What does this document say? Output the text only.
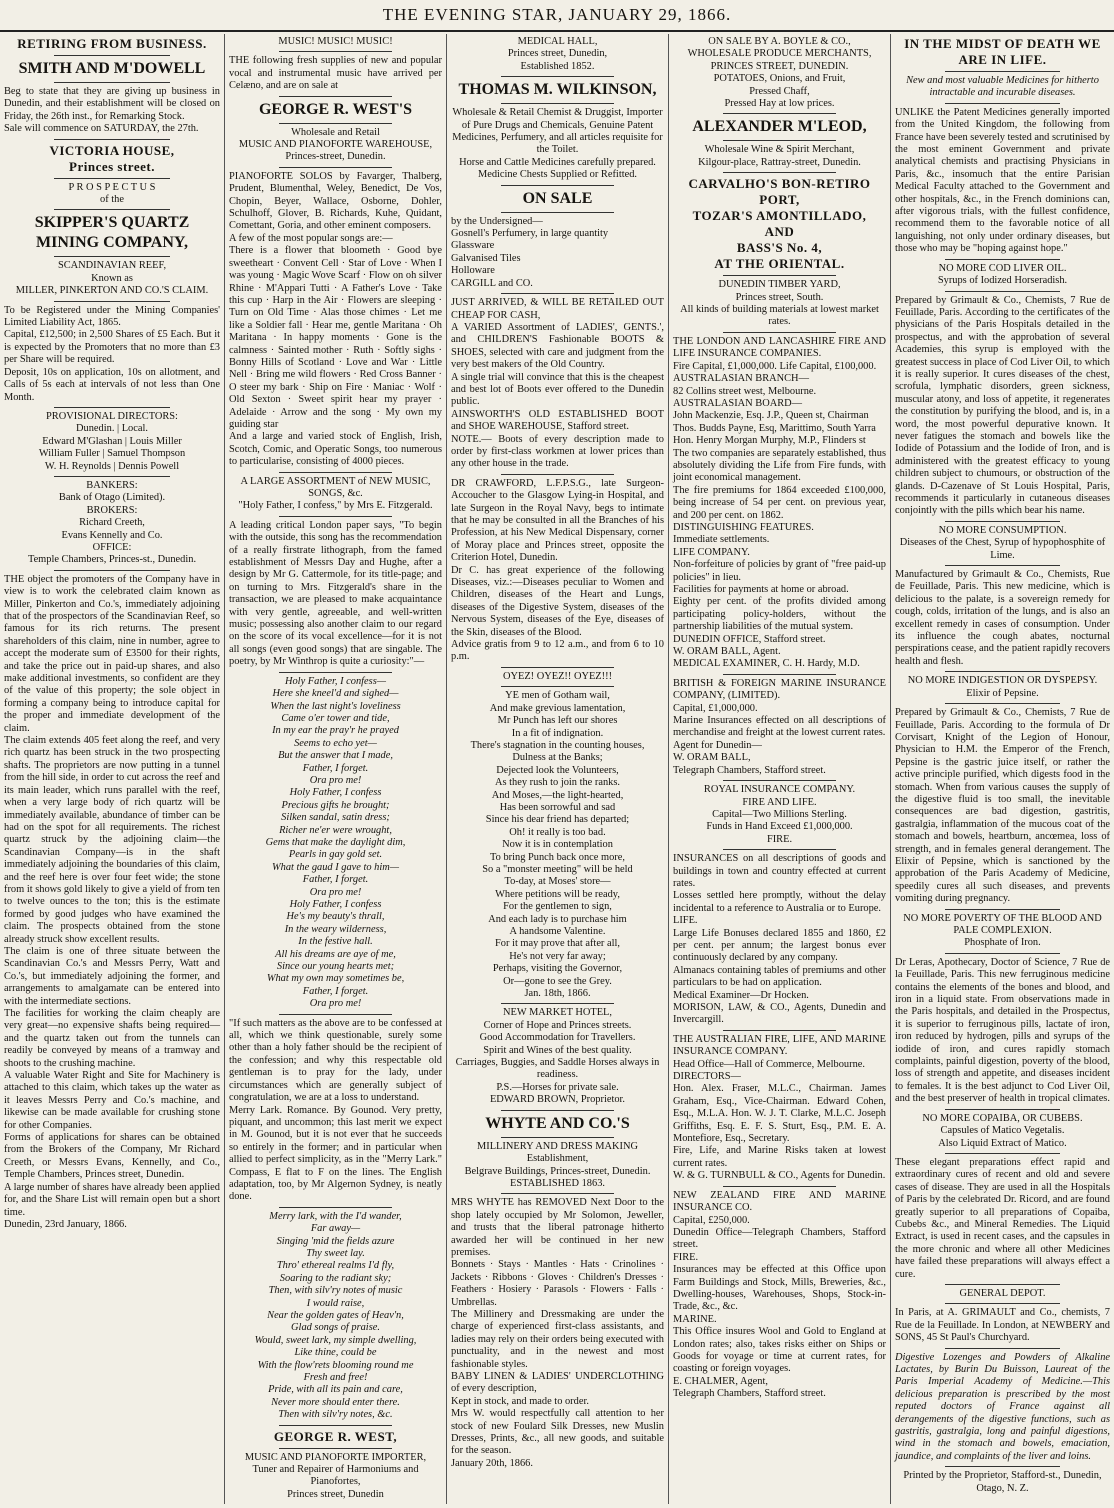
THE EVENING STAR, JANUARY 29, 1866.
RETIRING FROM BUSINESS.
SMITH AND M'DOWELL
Beg to state that they are giving up business in Dunedin, and their establishment will be closed on Friday, the 26th inst., for Remarking Stock.
Sale will commence on SATURDAY, the 27th.
VICTORIA HOUSE,
Princes street.
P R O S P E C T U S
of the
SKIPPER'S QUARTZ MINING COMPANY,
SCANDINAVIAN REEF,
Known as
MILLER, PINKERTON AND CO.'S CLAIM.
To be Registered under the Mining Companies' Limited Liability Act, 1865.
Capital, £12,500; in 2,500 Shares of £5 Each. But it is expected by the Promoters that no more than £3 per Share will be required.
Deposit, 10s on application, 10s on allotment, and Calls of 5s each at intervals of not less than One Month.
PROVISIONAL DIRECTORS:
Dunedin. | Local.
Edward M'Glashan | Louis Miller
William Fuller | Samuel Thompson
W. H. Reynolds | Dennis Powell
BANKERS:
Bank of Otago (Limited).
BROKERS:
Richard Creeth,
Evans Kennelly and Co.
OFFICE:
Temple Chambers, Princes-st., Dunedin.
THE object the promoters of the Company have in view is to work the celebrated claim known as Miller, Pinkerton and Co.'s, immediately adjoining that of the prospectors of the Scandinavian Reef, so famous for its rich returns. The present shareholders of this claim, nine in number, agree to accept the moderate sum of £3500 for their rights, and take the price out in paid-up shares, and also make additional investments, so confident are they of the value of this property; the sole object in forming a company being to introduce capital for the proper and immediate development of the claim.
The claim extends 405 feet along the reef, and very rich quartz has been struck in the two prospecting shafts. The proprietors are now putting in a tunnel from the hill side, in order to cut across the reef and its main leader, which runs parallel with the reef, when a very large body of rich quartz will be immediately available, abundance of timber can be had on the spot for all requirements. The richest quartz struck by the adjoining claim—the Scandinavian Company—is in the shaft immediately adjoining the boundaries of this claim, and the reef here is over four feet wide; the stone from it shows gold likely to give a yield of from ten to twelve ounces to the ton; this is the estimate formed by good judges who have examined the claim. The prospects obtained from the stone already struck show excellent results.
The claim is one of three situate between the Scandinavian Co.'s and Messrs Perry, Watt and Co.'s, but immediately adjoining the former, and arrangements to amalgamate can be entered into with the intermediate sections.
The facilities for working the claim cheaply are very great—no expensive shafts being required—and the quartz taken out from the tunnels can readily be conveyed by means of a tramway and shoots to the crushing machine.
A valuable Water Right and Site for Machinery is attached to this claim, which takes up the water as it leaves Messrs Perry and Co.'s machine, and likewise can be made available for crushing stone for other Companies.
Forms of applications for shares can be obtained from the Brokers of the Company, Mr Richard Creeth, or Messrs Evans, Kennelly, and Co., Temple Chambers, Princes street, Dunedin.
A large number of shares have already been applied for, and the Share List will remain open but a short time.
Dunedin, 23rd January, 1866.
MUSIC! MUSIC! MUSIC!
THE following fresh supplies of new and popular vocal and instrumental music have arrived per Celæno, and are on sale at
GEORGE R. WEST'S
Wholesale and Retail
MUSIC AND PIANOFORTE WAREHOUSE,
Princes-street, Dunedin.
PIANOFORTE SOLOS by Favarger, Thalberg, Prudent, Blumenthal, Weley, Benedict, De Vos, Chopin, Beyer, Wallace, Osborne, Dohler, Schulhoff, Glover, B. Richards, Kuhe, Quidant, Comettant, Goria, and other eminent composers.
A few of the most popular songs are:—
There is a flower that bloometh · Good bye sweetheart · Convent Cell · Star of Love · When I was young · Magic Wove Scarf · Flow on oh silver Rhine · M'Appari Tutti · A Father's Love · Take this cup · Harp in the Air · Flowers are sleeping · Turn on Old Time · Alas those chimes · Let me like a Soldier fall · Hear me, gentle Maritana · Oh Maritana · In happy moments · Gone is the calmness · Sainted mother · Ruth · Softly sighs · Bonny Hills of Scotland · Love and War · Little Nell · Bring me wild flowers · Red Cross Banner · O steer my bark · Ship on Fire · Maniac · Wolf · Old Sexton · Sweet spirit hear my prayer · Adelaide · Arrow and the song · My own my guiding star
And a large and varied stock of English, Irish, Scotch, Comic, and Operatic Songs, too numerous to particularise, consisting of 4000 pieces.
A LARGE ASSORTMENT of NEW MUSIC, SONGS, &c.
"Holy Father, I confess," by Mrs E. Fitzgerald.
A leading critical London paper says, "To begin with the outside, this song has the recommendation of a really firstrate lithograph, from the famed establishment of Messrs Day and Hughe, after a design by Mr G. Cattermole, for its title-page; and on turning to Mrs. Fitzgerald's share in the transaction, we are pleased to make acquaintance with very gentle, agreeable, and well-written music; possessing also another claim to our regard on the score of its vocal excellence—for it is not all songs (even good songs) that are singable. The poetry, by Mr Winthrop is quite a curiosity:"—
Holy Father, I confess—
Here she kneel'd and sighed—
When the last night's loveliness
Came o'er tower and tide,
In my ear the pray'r he prayed
Seems to echo yet—
But the answer that I made,
Father, I forget.
Ora pro me!
Holy Father, I confess
Precious gifts he brought;
Silken sandal, satin dress;
Richer ne'er were wrought,
Gems that make the daylight dim,
Pearls in gay gold set.
What the gaud I gave to him—
Father, I forget.
Ora pro me!
Holy Father, I confess
He's my beauty's thrall,
In the weary wilderness,
In the festive hall.
All his dreams are aye of me,
Since our young hearts met;
What my own may sometimes be,
Father, I forget.
Ora pro me!
"If such matters as the above are to be confessed at all, which we think questionable, surely some other than a holy father should be the recipient of the confession; and why this respectable old gentleman is to pray for the lady, under circumstances which are generally subject of congratulation, we are at a loss to understand.
Merry Lark. Romance. By Gounod. Very pretty, piquant, and uncommon; this last merit we expect in M. Gounod, but it is not ever that he succeeds so entirely in the former; and in particular when allied to perfect simplicity, as in the "Merry Lark." Compass, E flat to F on the lines. The English adaptation, too, by Mr Algernon Sydney, is neatly done.
Merry lark, with the I'd wander,
Far away—
Singing 'mid the fields azure
Thy sweet lay.
Thro' ethereal realms I'd fly,
Soaring to the radiant sky;
Then, with silv'ry notes of music
I would raise,
Near the golden gates of Heav'n,
Glad songs of praise.
Would, sweet lark, my simple dwelling,
Like thine, could be
With the flow'rets blooming round me
Fresh and free!
Pride, with all its pain and care,
Never more should enter there.
Then with silv'ry notes, &c.
GEORGE R. WEST,
MUSIC AND PIANOFORTE IMPORTER,
Tuner and Repairer of Harmoniums and Pianofortes,
Princes street, Dunedin
MEDICAL HALL,
Princes street, Dunedin,
Established 1852.
THOMAS M. WILKINSON,
Wholesale & Retail Chemist & Druggist, Importer of Pure Drugs and Chemicals, Genuine Patent Medicines, Perfumery, and all articles requisite for the Toilet.
Horse and Cattle Medicines carefully prepared.
Medicine Chests Supplied or Refitted.
ON SALE
by the Undersigned—
Gosnell's Perfumery, in large quantity
Glassware
Galvanised Tiles
Holloware
CARGILL and CO.
JUST ARRIVED, & WILL BE RETAILED OUT CHEAP FOR CASH,
A VARIED Assortment of LADIES', GENTS.', and CHILDREN'S Fashionable BOOTS & SHOES, selected with care and judgment from the very best makers of the Old Country.
A single trial will convince that this is the cheapest and best lot of Boots ever offered to the Dunedin public.
AINSWORTH'S OLD ESTABLISHED BOOT and SHOE WAREHOUSE, Stafford street.
NOTE.— Boots of every description made to order by first-class workmen at lower prices than any other house in the trade.
DR CRAWFORD, L.F.P.S.G., late Surgeon-Accoucher to the Glasgow Lying-in Hospital, and late Surgeon in the Royal Navy, begs to intimate that he may be consulted in all the Branches of his Profession, at his New Medical Dispensary, corner of Moray place and Princes street, opposite the Criterion Hotel, Dunedin.
Dr C. has great experience of the following Diseases, viz.:—Diseases peculiar to Women and Children, diseases of the Heart and Lungs, diseases of the Digestive System, diseases of the Nervous System, diseases of the Eye, diseases of the Skin, diseases of the Blood.
Advice gratis from 9 to 12 a.m., and from 6 to 10 p.m.
OYEZ! OYEZ!! OYEZ!!!
YE men of Gotham wail,
And make grevious lamentation,
Mr Punch has left our shores
In a fit of indignation.
There's stagnation in the counting houses,
Dulness at the Banks;
Dejected look the Volunteers,
As they rush to join the ranks.
And Moses,—the light-hearted,
Has been sorrowful and sad
Since his dear friend has departed;
Oh! it really is too bad.
Now it is in contemplation
To bring Punch back once more,
So a "monster meeting" will be held
To-day, at Moses' store—
Where petitions will be ready,
For the gentlemen to sign,
And each lady is to purchase him
A handsome Valentine.
For it may prove that after all,
He's not very far away;
Perhaps, visiting the Governor,
Or—gone to see the Grey.
Jan. 18th, 1866.
NEW MARKET HOTEL,
Corner of Hope and Princes streets.
Good Accommodation for Travellers.
Spirit and Wines of the best quality.
Carriages, Buggies, and Saddle Horses always in readiness.
P.S.—Horses for private sale.
EDWARD BROWN, Proprietor.
WHYTE AND CO.'S
MILLINERY AND DRESS MAKING Establishment,
Belgrave Buildings, Princes-street, Dunedin.
ESTABLISHED 1863.
MRS WHYTE has REMOVED Next Door to the shop lately occupied by Mr Solomon, Jeweller, and trusts that the liberal patronage hitherto awarded her will be continued in her new premises.
Bonnets · Stays · Mantles · Hats · Crinolines · Jackets · Ribbons · Gloves · Children's Dresses · Feathers · Hosiery · Parasols · Flowers · Falls · Umbrellas.
The Millinery and Dressmaking are under the charge of experienced first-class assistants, and ladies may rely on their orders being executed with punctuality, and in the newest and most fashionable styles.
BABY LINEN & LADIES' UNDERCLOTHING of every description,
Kept in stock, and made to order.
Mrs W. would respectfully call attention to her stock of new Foulard Silk Dresses, new Muslin Dresses, Prints, &c., all new goods, and suitable for the season.
January 20th, 1866.
ON SALE BY A. BOYLE & CO.,
WHOLESALE PRODUCE MERCHANTS,
PRINCES STREET, DUNEDIN.
POTATOES, Onions, and Fruit,
Pressed Chaff,
Pressed Hay at low prices.
ALEXANDER M'LEOD,
Wholesale Wine & Spirit Merchant,
Kilgour-place, Rattray-street, Dunedin.
CARVALHO'S BON-RETIRO PORT,
TOZAR'S AMONTILLADO,
AND
BASS'S No. 4,
AT THE ORIENTAL.
DUNEDIN TIMBER YARD,
Princes street, South.
All kinds of building materials at lowest market rates.
THE LONDON AND LANCASHIRE FIRE AND LIFE INSURANCE COMPANIES.
Fire Capital, £1,000,000. Life Capital, £100,000.
AUSTRALASIAN BRANCH—
82 Collins street west, Melbourne.
AUSTRALASIAN BOARD—
John Mackenzie, Esq. J.P., Queen st, Chairman
Thos. Budds Payne, Esq, Marittimo, South Yarra
Hon. Henry Morgan Murphy, M.P., Flinders st
The two companies are separately established, thus absolutely dividing the Life from Fire funds, with joint economical management.
The fire premiums for 1864 exceeded £100,000, being increase of 54 per cent. on previous year, and 200 per cent. on 1862.
DISTINGUISHING FEATURES.
Immediate settlements.
LIFE COMPANY.
Non-forfeiture of policies by grant of "free paid-up policies" in lieu.
Facilities for payments at home or abroad.
Eighty per cent. of the profits divided among participating policy-holders, without the partnership liabilities of the mutual system.
DUNEDIN OFFICE, Stafford street.
W. ORAM BALL, Agent.
MEDICAL EXAMINER, C. H. Hardy, M.D.
BRITISH & FOREIGN MARINE INSURANCE COMPANY, (LIMITED).
Capital, £1,000,000.
Marine Insurances effected on all descriptions of merchandise and freight at the lowest current rates.
Agent for Dunedin—
W. ORAM BALL,
Telegraph Chambers, Stafford street.
ROYAL INSURANCE COMPANY.
FIRE AND LIFE.
Capital—Two Millions Sterling.
Funds in Hand Exceed £1,000,000.
FIRE.
INSURANCES on all descriptions of goods and buildings in town and country effected at current rates.
Losses settled here promptly, without the delay incidental to a reference to Australia or to Europe.
LIFE.
Large Life Bonuses declared 1855 and 1860, £2 per cent. per annum; the largest bonus ever continuously declared by any company.
Almanacs containing tables of premiums and other particulars to be had on application.
Medical Examiner—Dr Hocken.
MORISON, LAW, & CO., Agents, Dunedin and Invercargill.
THE AUSTRALIAN FIRE, LIFE, AND MARINE INSURANCE COMPANY.
Head Office—Hall of Commerce, Melbourne.
DIRECTORS—
Hon. Alex. Fraser, M.L.C., Chairman. James Graham, Esq., Vice-Chairman. Edward Cohen, Esq., M.L.A. Hon. W. J. T. Clarke, M.L.C. Joseph Griffiths, Esq. E. F. S. Sturt, Esq., P.M. E. A. Montefiore, Esq., Secretary.
Fire, Life, and Marine Risks taken at lowest current rates.
W. & G. TURNBULL & CO., Agents for Dunedin.
NEW ZEALAND FIRE AND MARINE INSURANCE CO.
Capital, £250,000.
Dunedin Office—Telegraph Chambers, Stafford street.
FIRE.
Insurances may be effected at this Office upon Farm Buildings and Stock, Mills, Breweries, &c., Dwelling-houses, Warehouses, Shops, Stock-in-Trade, &c., &c.
MARINE.
This Office insures Wool and Gold to England at London rates; also, takes risks either on Ships or Goods for voyage or time at current rates, for coasting or foreign voyages.
E. CHALMER, Agent,
Telegraph Chambers, Stafford street.
IN THE MIDST OF DEATH WE ARE IN LIFE.
New and most valuable Medicines for hitherto intractable and incurable diseases.
UNLIKE the Patent Medicines generally imported from the United Kingdom, the following from France have been severely tested and scrutinised by the most eminent Government and private analytical chemists and practising Physicians in Paris, &c., insomuch that the entire Parisian Medical Faculty attached to the Government and other hospitals, &c., in the French dominions can, after vigorous trials, with the fullest confidence, recommend them to the favorable notice of all languishing, not only under ordinary diseases, but those who may be "hoping against hope."
NO MORE COD LIVER OIL.
Syrups of Iodized Horseradish.
Prepared by Grimault & Co., Chemists, 7 Rue de Feuillade, Paris. According to the certificates of the physicians of the Paris Hospitals detailed in the prospectus, and with the approbation of several Academies, this syrup is employed with the greatest success in place of Cod Liver Oil, to which it is really superior. It cures diseases of the chest, scrofula, lymphatic disorders, green sickness, muscular atony, and loss of appetite, it regenerates the constitution by purifying the blood, and is, in a word, the most powerful depurative known. It never fatigues the stomach and bowels like the Iodide of Potassium and the Iodide of Iron, and is administered with the greatest efficacy to young children subject to chumours, or obstruction of the glands. D-Cazenave of St Louis Hospital, Paris, recommends it particularly in cutaneous diseases conjointly with the pills which bear his name.
NO MORE CONSUMPTION.
Diseases of the Chest, Syrup of hypophosphite of Lime.
Manufactured by Grimault & Co., Chemists, Rue de Feuillade, Paris. This new medicine, which is delicious to the palate, is a sovereign remedy for cough, colds, irritation of the lungs, and is also an excellent remedy in cases of consumption. Under its influence the cough abates, nocturnal perspirations cease, and the patient rapidly recovers health and flesh.
NO MORE INDIGESTION OR DYSPEPSY.
Elixir of Pepsine.
Prepared by Grimault & Co., Chemists, 7 Rue de Feuillade, Paris. According to the formula of Dr Corvisart, Knight of the Legion of Honour, Physician to H.M. the Emperor of the French, Pepsine is the gastric juice itself, or rather the active principle purified, which digests food in the stomach. When from various causes the supply of the digestive fluid is too small, the inevitable consequences are bad digestion, gastritis, gastralgia, inflammation of the mucous coat of the stomach and bowels, heartburn, ancœmea, loss of strength, and in females general derangement. The Elixir of Pepsine, which is sanctioned by the approbation of the Paris Academy of Medicine, speedily cures all such diseases, and prevents vomiting during pregnancy.
NO MORE POVERTY OF THE BLOOD AND PALE COMPLEXION.
Phosphate of Iron.
Dr Leras, Apothecary, Doctor of Science, 7 Rue de la Feuillade, Paris. This new ferruginous medicine contains the elements of the bones and blood, and iron in a liquid state. From observations made in the Paris hospitals, and detailed in the Prospectus, it is superior to ferruginous pills, lactate of iron, iron reduced by hydrogen, pills and syrups of the iodide of iron, and cures rapidly stomach complaints, painful digestion, poverty of the blood, loss of strength and appetite, and diseases incident to females. It is the best adjunct to Cod Liver Oil, and the best preserver of health in tropical climates.
NO MORE COPAIBA, OR CUBEBS.
Capsules of Matico Vegetalis.
Also Liquid Extract of Matico.
These elegant preparations effect rapid and extraordinary cures of recent and old and severe cases of disease. They are used in all the Hospitals of Paris by the celebrated Dr. Ricord, and are found greatly superior to all preparations of Copaiba, Cubebs &c., and Mineral Remedies. The Liquid Extract, is used in recent cases, and the capsules in the more chronic and where all other Medicines have failed these preparations will always effect a cure.
GENERAL DEPOT.
In Paris, at A. GRIMAULT and Co., chemists, 7 Rue de la Feuillade. In London, at NEWBERY and SONS, 45 St Paul's Churchyard.
Digestive Lozenges and Powders of Alkaline Lactates, by Burin Du Buisson, Laureat of the Paris Imperial Academy of Medicine.—This delicious preparation is prescribed by the most reputed doctors of France against all derangements of the digestive functions, such as gastritis, gastralgia, long and painful digestions, wind in the stomach and bowels, emaciation, jaundice, and complaints of the liver and loins.
Printed by the Proprietor, Stafford-st., Dunedin, Otago, N. Z.
